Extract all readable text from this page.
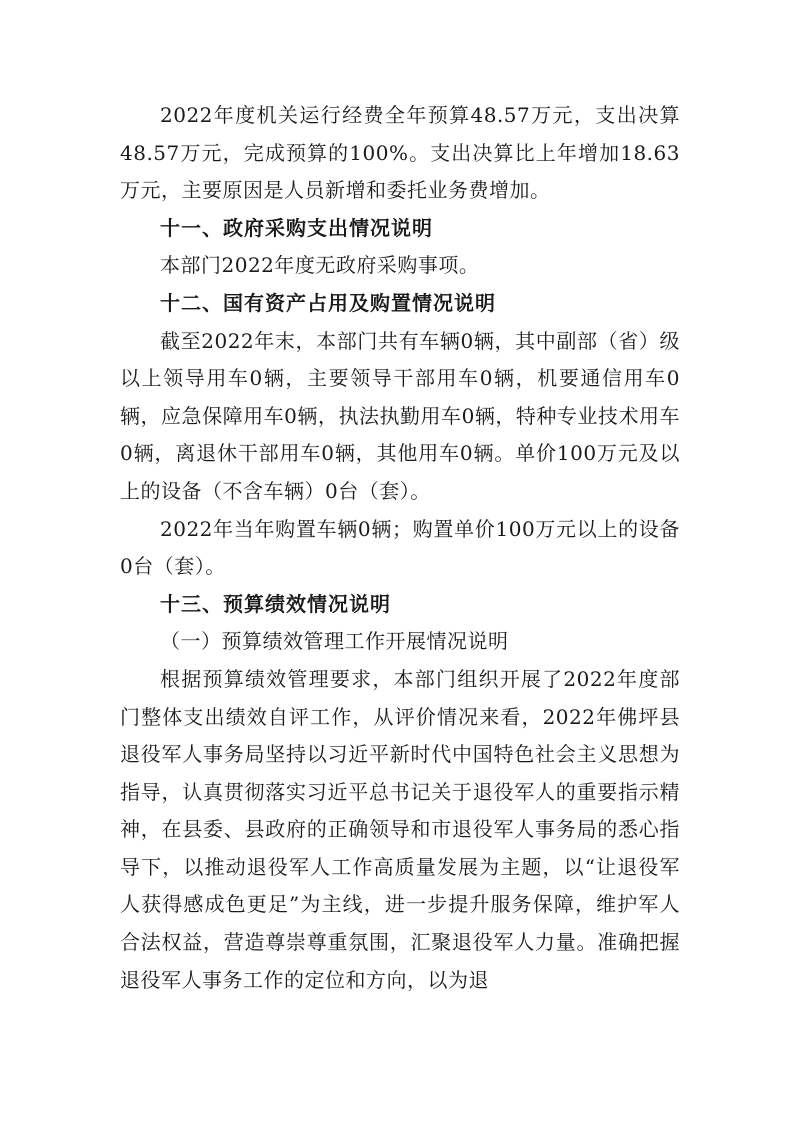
2022年度机关运行经费全年预算48.57万元，支出决算48.57万元，完成预算的100%。支出决算比上年增加18.63万元，主要原因是人员新增和委托业务费增加。

十一、政府采购支出情况说明

本部门2022年度无政府采购事项。

十二、国有资产占用及购置情况说明

截至2022年末，本部门共有车辆0辆，其中副部（省）级以上领导用车0辆，主要领导干部用车0辆，机要通信用车0辆，应急保障用车0辆，执法执勤用车0辆，特种专业技术用车0辆，离退休干部用车0辆，其他用车0辆。单价100万元及以上的设备（不含车辆）0台（套）。

2022年当年购置车辆0辆；购置单价100万元以上的设备0台（套）。

十三、预算绩效情况说明

（一）预算绩效管理工作开展情况说明

根据预算绩效管理要求，本部门组织开展了2022年度部门整体支出绩效自评工作，从评价情况来看，2022年佛坪县退役军人事务局坚持以习近平新时代中国特色社会主义思想为指导，认真贯彻落实习近平总书记关于退役军人的重要指示精神，在县委、县政府的正确领导和市退役军人事务局的悉心指导下，以推动退役军人工作高质量发展为主题，以“让退役军人获得感成色更足”为主线，进一步提升服务保障，维护军人合法权益，营造尊崇尊重氛围，汇聚退役军人力量。准确把握退役军人事务工作的定位和方向，以为退
